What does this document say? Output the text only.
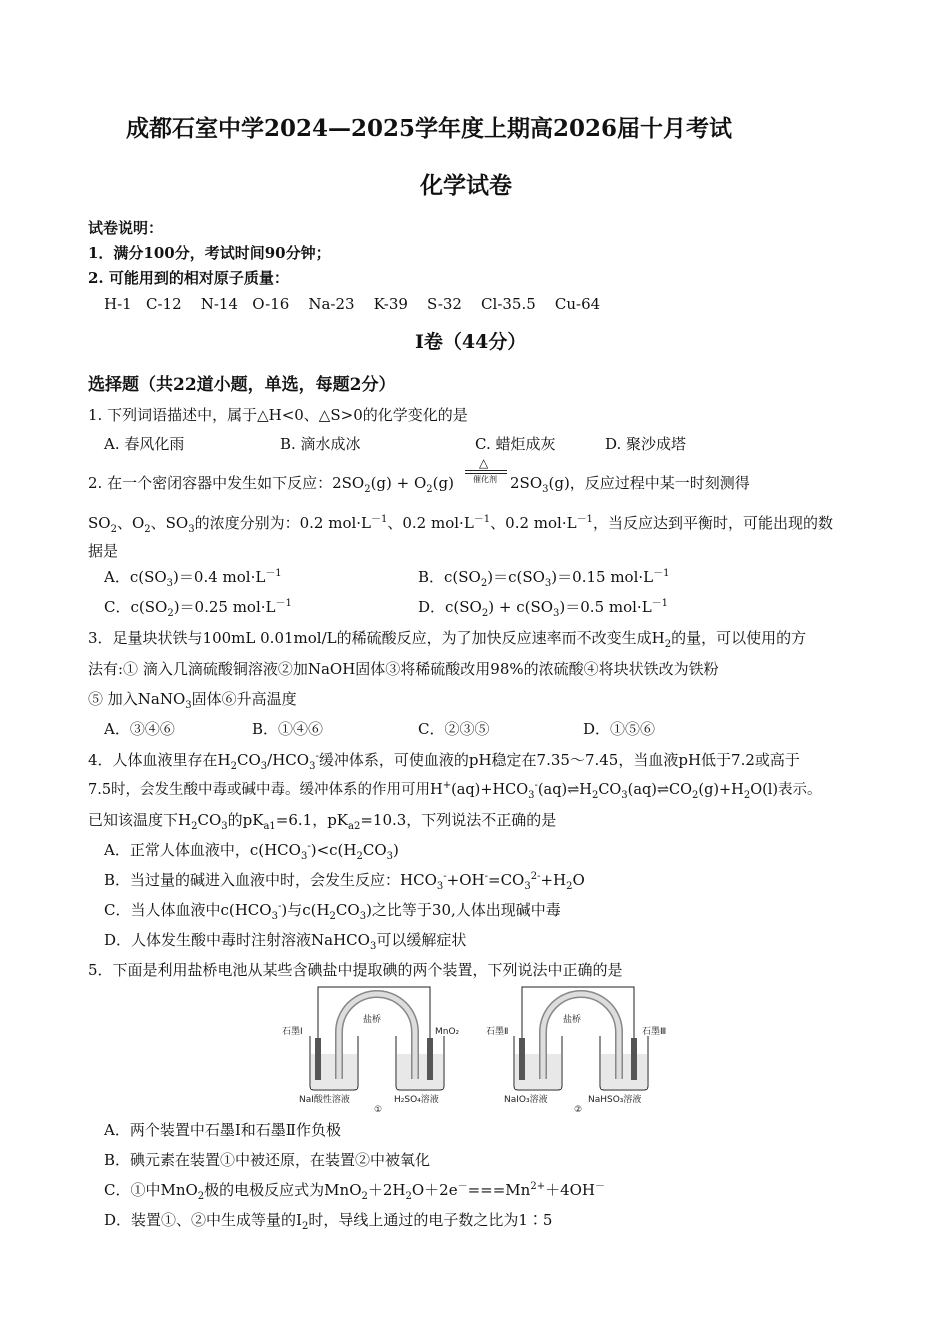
成都石室中学2024—2025学年度上期高2026届十月考试
化学试卷
试卷说明：
1．满分100分，考试时间90分钟；
2. 可能用到的相对原子质量：
H-1   C-12    N-14   O-16    Na-23    K-39    S-32    Cl-35.5    Cu-64
I卷（44分）
选择题（共22道小题，单选，每题2分）
1. 下列词语描述中，属于△H<0、△S>0的化学变化的是
A. 春风化雨	B. 滴水成冰	C. 蜡炬成灰	D. 聚沙成塔
2. 在一个密闭容器中发生如下反应：$2SO_2(g) + O_2(g)$
△
催化剂 $2SO_3(g)$，反应过程中某一时刻测得
$SO_2$、$O_2$、$SO_3$的浓度分别为：0.2 $mol\cdot L^{-1}$、0.2 $mol\cdot L^{-1}$、0.2 $mol\cdot L^{-1}$，当反应达到平衡时，可能出现的数
据是
A．$c(SO_3)=0.4$ $mol\cdot L^{-1}$	B．$c(SO_2)=c(SO_3)=0.15$ $mol\cdot L^{-1}$
C．$c(SO_2)=0.25$ $mol\cdot L^{-1}$	D．$c(SO_2) + c(SO_3)=0.5$ $mol\cdot L^{-1}$
3．足量块状铁与100mL 0.01mol/L的稀硫酸反应，为了加快反应速率而不改变生成$H_2$的量，可以使用的方
法有:① 滴入几滴硫酸铜溶液②加NaOH固体③将稀硫酸改用98%的浓硫酸④将块状铁改为铁粉
⑤ 加入NaNO$_3$固体⑥升高温度
A．③④⑥	B．①④⑥	C．②③⑤	D．①⑤⑥
4．人体血液里存在$H_2CO_3/HCO_3^-$缓冲体系，可使血液的pH稳定在7.35～7.45，当血液pH低于7.2或高于
7.5时，会发生酸中毒或碱中毒。缓冲体系的作用可用$H^+(aq)+HCO_3^-(aq)\rightleftharpoons H_2CO_3(aq)\rightleftharpoons CO_2(g)+H_2O(l)$表示。
已知该温度下$H_2CO_3$的$pK_{a1}=6.1$，$pK_{a2}=10.3$，下列说法不正确的是
A．正常人体血液中，$c(HCO_3^-)<c(H_2CO_3)$
B．当过量的碱进入血液中时，会发生反应：$HCO_3^-+OH^-=CO_3^{2-}+H_2O$
C．当人体血液中$c(HCO_3^-)$与$c(H_2CO_3)$之比等于30,人体出现碱中毒
D．人体发生酸中毒时注射溶液NaHCO$_3$可以缓解症状
5．下面是利用盐桥电池从某些含碘盐中提取碘的两个装置，下列说法中正确的是
石墨Ⅰ
盐桥
MnO₂
NaI酸性溶液	H₂SO₄溶液
①
石墨Ⅱ
盐桥
石墨Ⅲ
NaIO₃溶液	NaHSO₃溶液
②
A．两个装置中石墨Ⅰ和石墨Ⅱ作负极
B．碘元素在装置①中被还原，在装置②中被氧化
C．①中MnO$_2$极的电极反应式为$MnO_2+2H_2O+2e^-===Mn^{2+}+4OH^-$
D．装置①、②中生成等量的$I_2$时，导线上通过的电子数之比为1∶5
